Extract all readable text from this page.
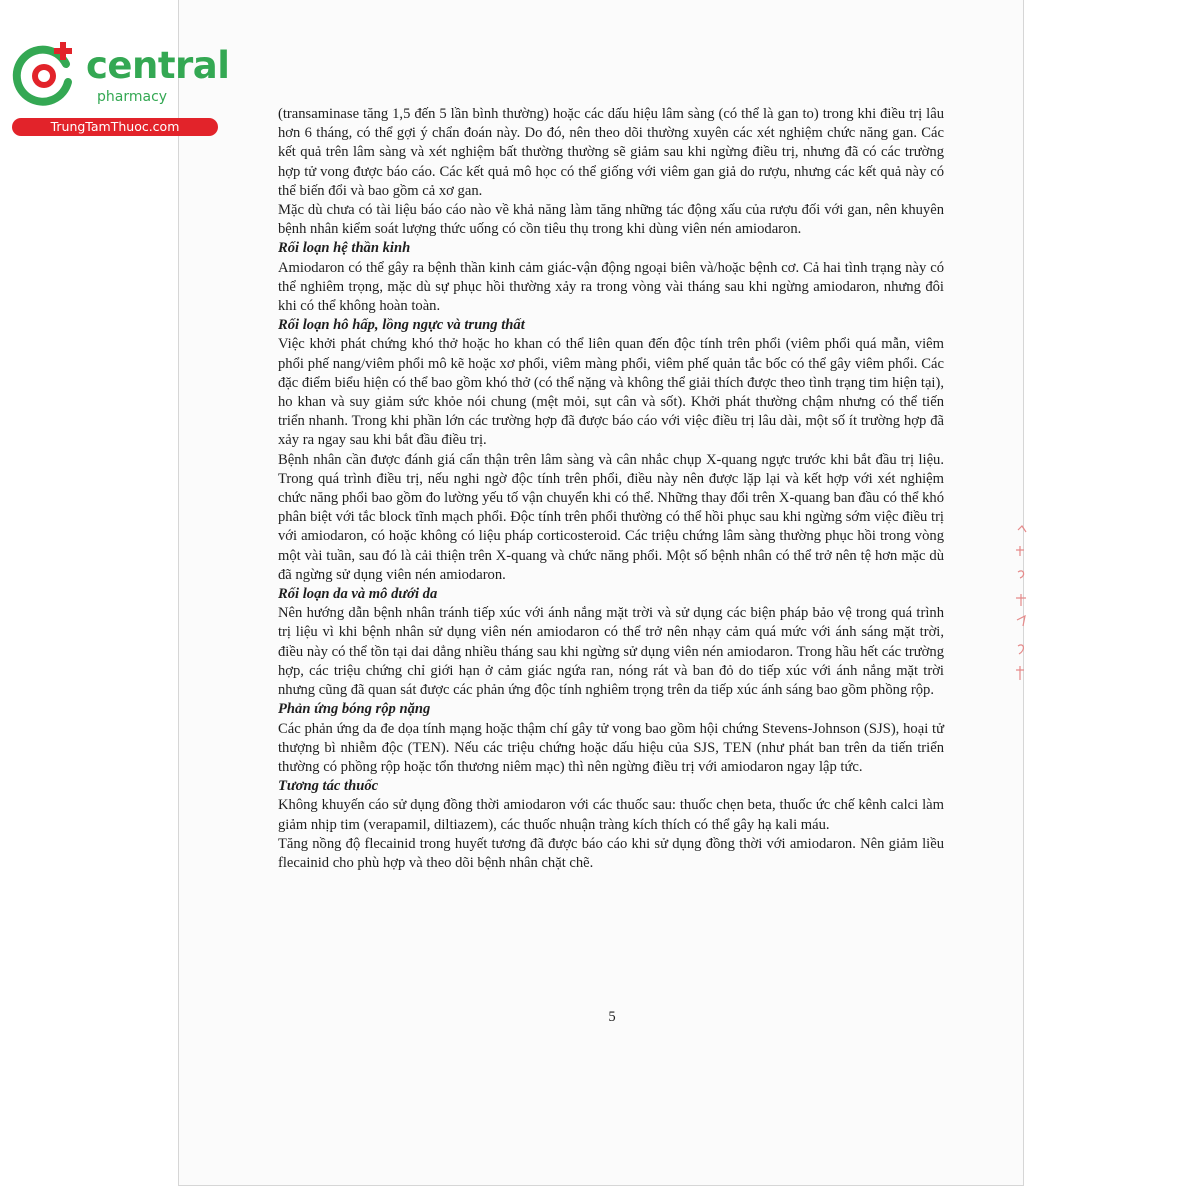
central
pharmacy
TrungTamThuoc.com

(transaminase tăng 1,5 đến 5 lần bình thường) hoặc các dấu hiệu lâm sàng (có thể là gan to) trong khi điều trị lâu hơn 6 tháng, có thể gợi ý chẩn đoán này. Do đó, nên theo dõi thường xuyên các xét nghiệm chức năng gan. Các kết quả trên lâm sàng và xét nghiệm bất thường thường sẽ giảm sau khi ngừng điều trị, nhưng đã có các trường hợp tử vong được báo cáo. Các kết quả mô học có thể giống với viêm gan giả do rượu, nhưng các kết quả này có thể biến đổi và bao gồm cả xơ gan.

Mặc dù chưa có tài liệu báo cáo nào về khả năng làm tăng những tác động xấu của rượu đối với gan, nên khuyên bệnh nhân kiểm soát lượng thức uống có cồn tiêu thụ trong khi dùng viên nén amiodaron.

Rối loạn hệ thần kinh

Amiodaron có thể gây ra bệnh thần kinh cảm giác-vận động ngoại biên và/hoặc bệnh cơ. Cả hai tình trạng này có thể nghiêm trọng, mặc dù sự phục hồi thường xảy ra trong vòng vài tháng sau khi ngừng amiodaron, nhưng đôi khi có thể không hoàn toàn.

Rối loạn hô hấp, lồng ngực và trung thất

Việc khởi phát chứng khó thở hoặc ho khan có thể liên quan đến độc tính trên phổi (viêm phổi quá mẫn, viêm phổi phế nang/viêm phổi mô kẽ hoặc xơ phổi, viêm màng phổi, viêm phế quản tắc bốc có thể gây viêm phổi. Các đặc điểm biểu hiện có thể bao gồm khó thở (có thể nặng và không thể giải thích được theo tình trạng tim hiện tại), ho khan và suy giảm sức khỏe nói chung (mệt mỏi, sụt cân và sốt). Khởi phát thường chậm nhưng có thể tiến triển nhanh. Trong khi phần lớn các trường hợp đã được báo cáo với việc điều trị lâu dài, một số ít trường hợp đã xảy ra ngay sau khi bắt đầu điều trị.

Bệnh nhân cần được đánh giá cẩn thận trên lâm sàng và cân nhắc chụp X-quang ngực trước khi bắt đầu trị liệu. Trong quá trình điều trị, nếu nghi ngờ độc tính trên phổi, điều này nên được lặp lại và kết hợp với xét nghiệm chức năng phổi bao gồm đo lường yếu tố vận chuyển khi có thể. Những thay đổi trên X-quang ban đầu có thể khó phân biệt với tắc block tĩnh mạch phổi. Độc tính trên phổi thường có thể hồi phục sau khi ngừng sớm việc điều trị với amiodaron, có hoặc không có liệu pháp corticosteroid. Các triệu chứng lâm sàng thường phục hồi trong vòng một vài tuần, sau đó là cải thiện trên X-quang và chức năng phổi. Một số bệnh nhân có thể trở nên tệ hơn mặc dù đã ngừng sử dụng viên nén amiodaron.

Rối loạn da và mô dưới da

Nên hướng dẫn bệnh nhân tránh tiếp xúc với ánh nắng mặt trời và sử dụng các biện pháp bảo vệ trong quá trình trị liệu vì khi bệnh nhân sử dụng viên nén amiodaron có thể trở nên nhạy cảm quá mức với ánh sáng mặt trời, điều này có thể tồn tại dai dẳng nhiều tháng sau khi ngừng sử dụng viên nén amiodaron. Trong hầu hết các trường hợp, các triệu chứng chỉ giới hạn ở cảm giác ngứa ran, nóng rát và ban đỏ do tiếp xúc với ánh nắng mặt trời nhưng cũng đã quan sát được các phản ứng độc tính nghiêm trọng trên da tiếp xúc ánh sáng bao gồm phồng rộp.

Phản ứng bóng rộp nặng

Các phản ứng da đe dọa tính mạng hoặc thậm chí gây tử vong bao gồm hội chứng Stevens-Johnson (SJS), hoại tử thượng bì nhiễm độc (TEN). Nếu các triệu chứng hoặc dấu hiệu của SJS, TEN (như phát ban trên da tiến triển thường có phồng rộp hoặc tổn thương niêm mạc) thì nên ngừng điều trị với amiodaron ngay lập tức.

Tương tác thuốc

Không khuyến cáo sử dụng đồng thời amiodaron với các thuốc sau: thuốc chẹn beta, thuốc ức chế kênh calci làm giảm nhịp tim (verapamil, diltiazem), các thuốc nhuận tràng kích thích có thể gây hạ kali máu.

Tăng nồng độ flecainid trong huyết tương đã được báo cáo khi sử dụng đồng thời với amiodaron. Nên giảm liều flecainid cho phù hợp và theo dõi bệnh nhân chặt chẽ.

5
